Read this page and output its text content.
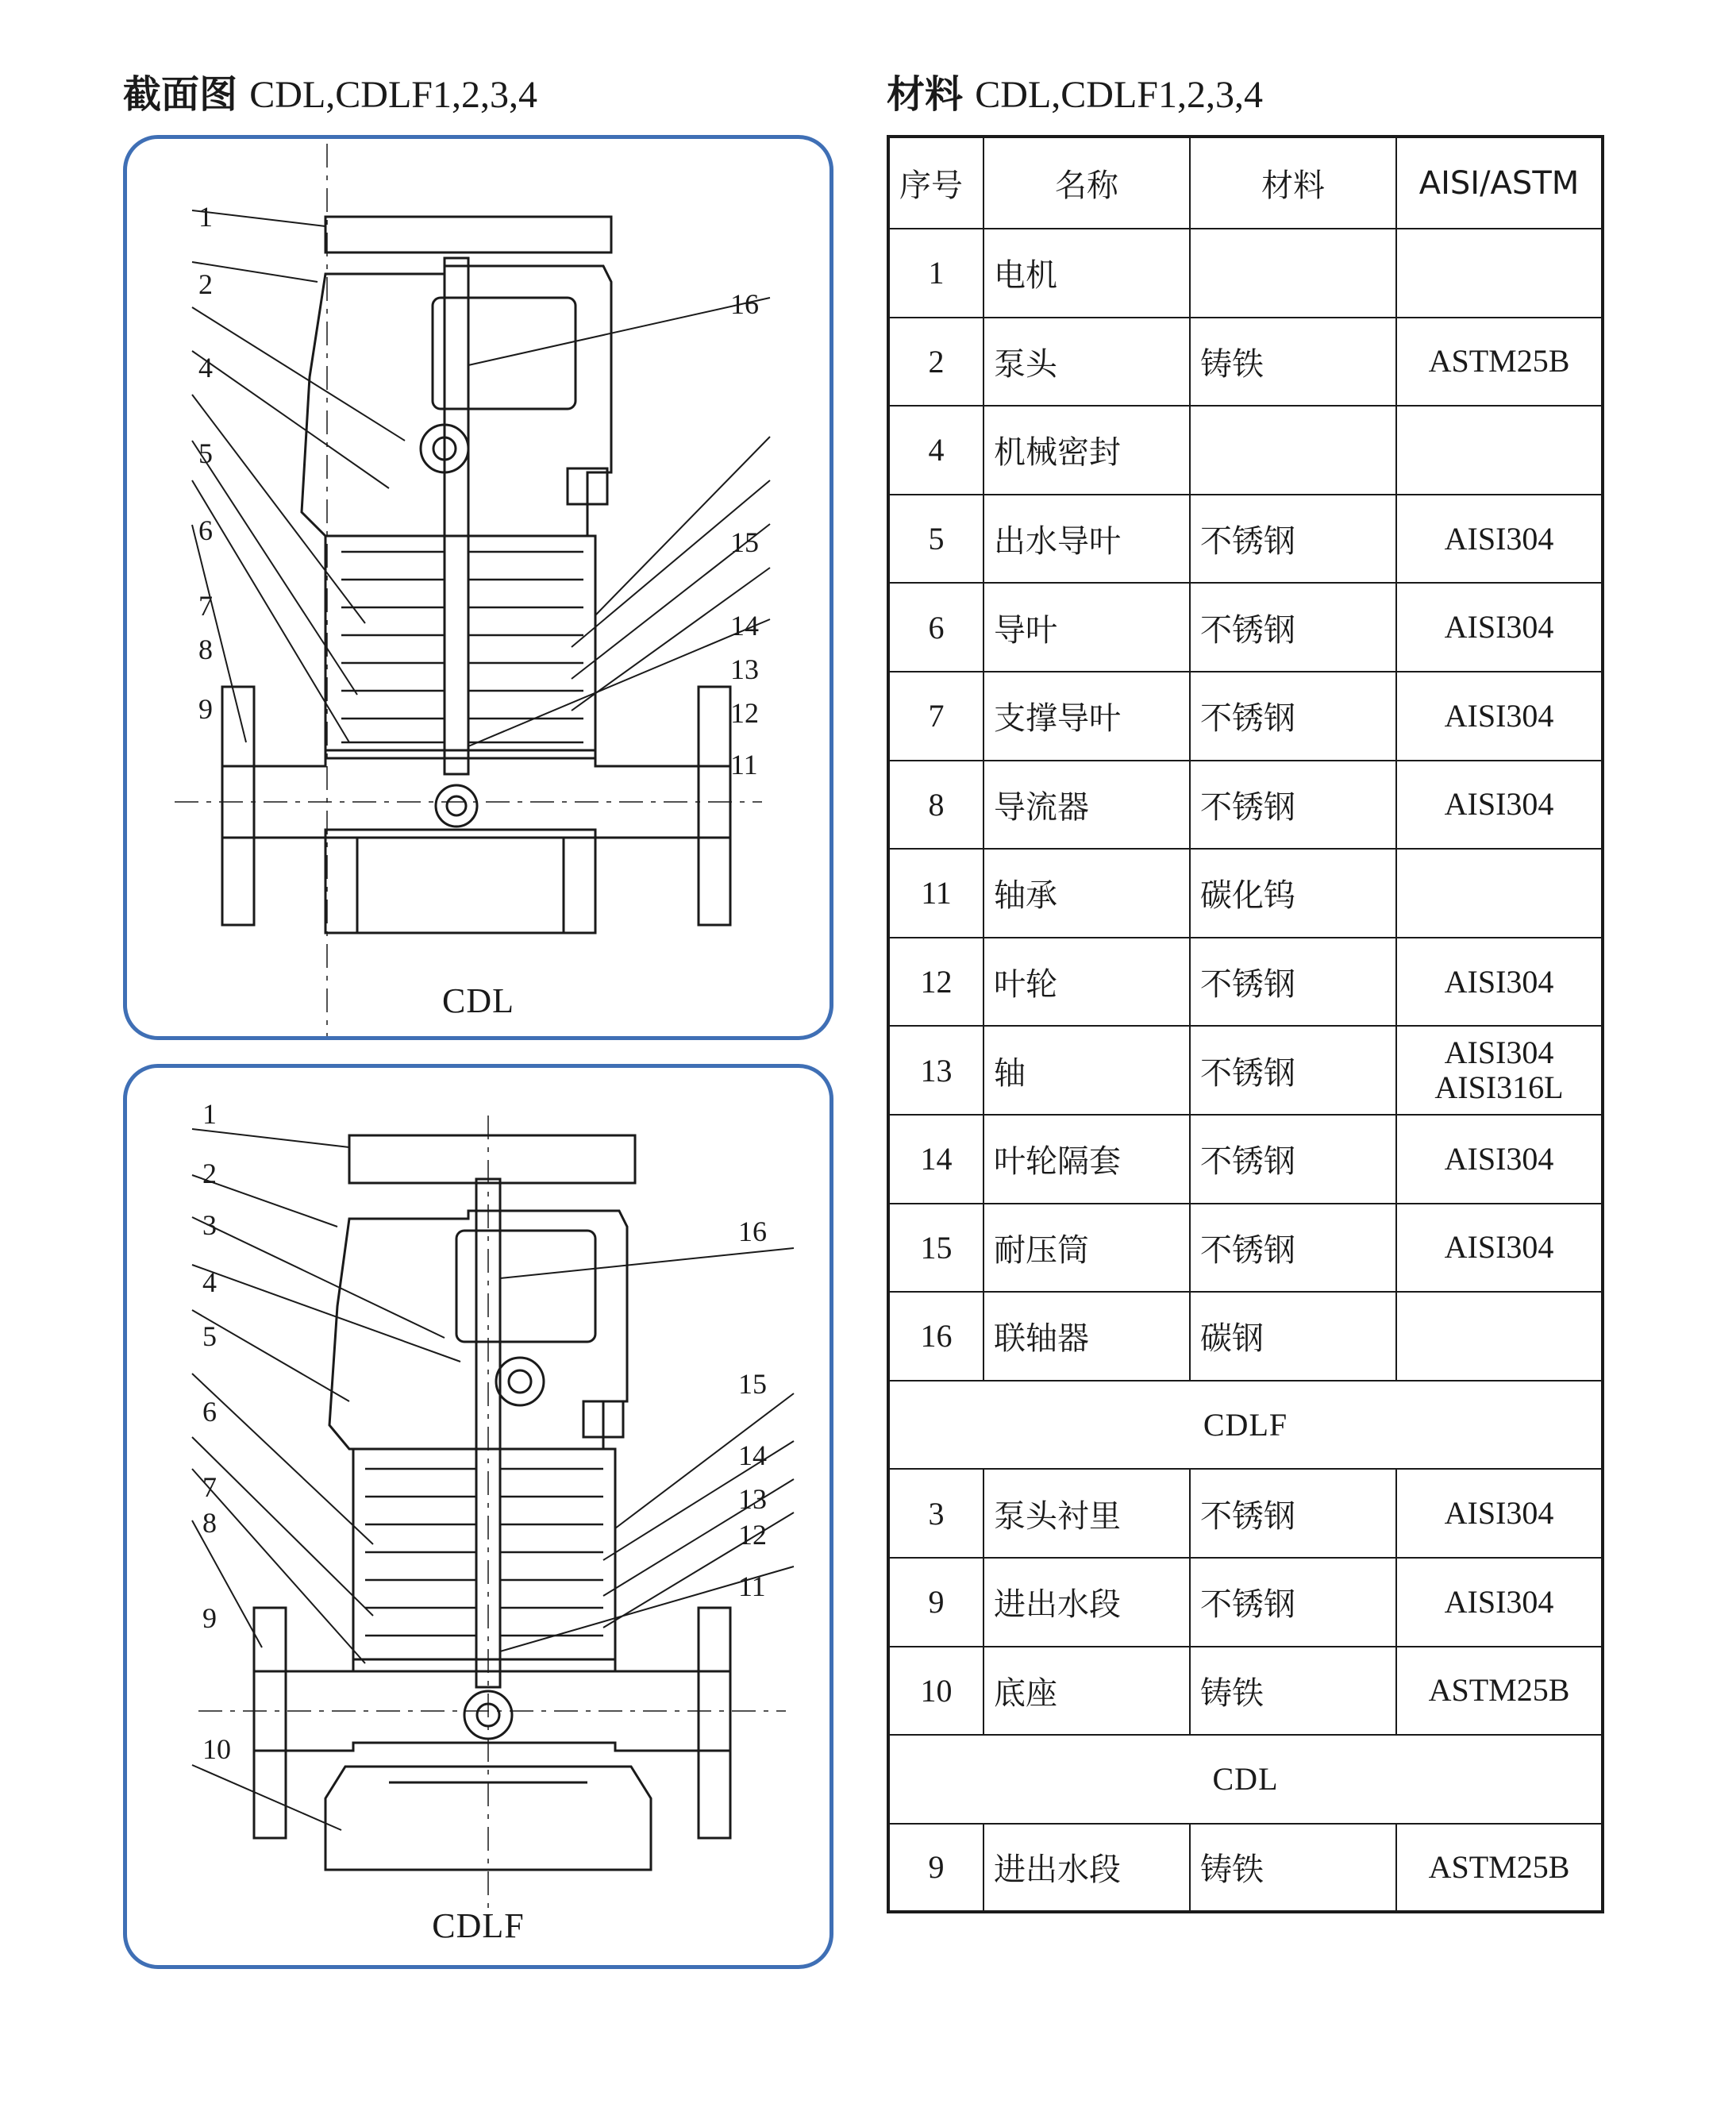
截面图 CDL,CDLF1,2,3,4	材料 CDL,CDLF1,2,3,4
1
2
4
5
6
7
8
9
16
15
14
13
12
11
CDL
1
2
3
4
5
6
7
8
9
10
16
15
14
13
12
11
CDLF
序号	名称	材料	AISI/ASTM
1	电机		
2	泵头	铸铁	ASTM25B
4	机械密封		
5	出水导叶	不锈钢	AISI304
6	导叶	不锈钢	AISI304
7	支撑导叶	不锈钢	AISI304
8	导流器	不锈钢	AISI304
11	轴承	碳化钨	
12	叶轮	不锈钢	AISI304
13	轴	不锈钢	AISI304
AISI316L

14	叶轮隔套	不锈钢	AISI304
15	耐压筒	不锈钢	AISI304
16	联轴器	碳钢	
CDLF			
3	泵头衬里	不锈钢	AISI304
9	进出水段	不锈钢	AISI304
10	底座	铸铁	ASTM25B
CDL			
9	进出水段	铸铁	ASTM25B
